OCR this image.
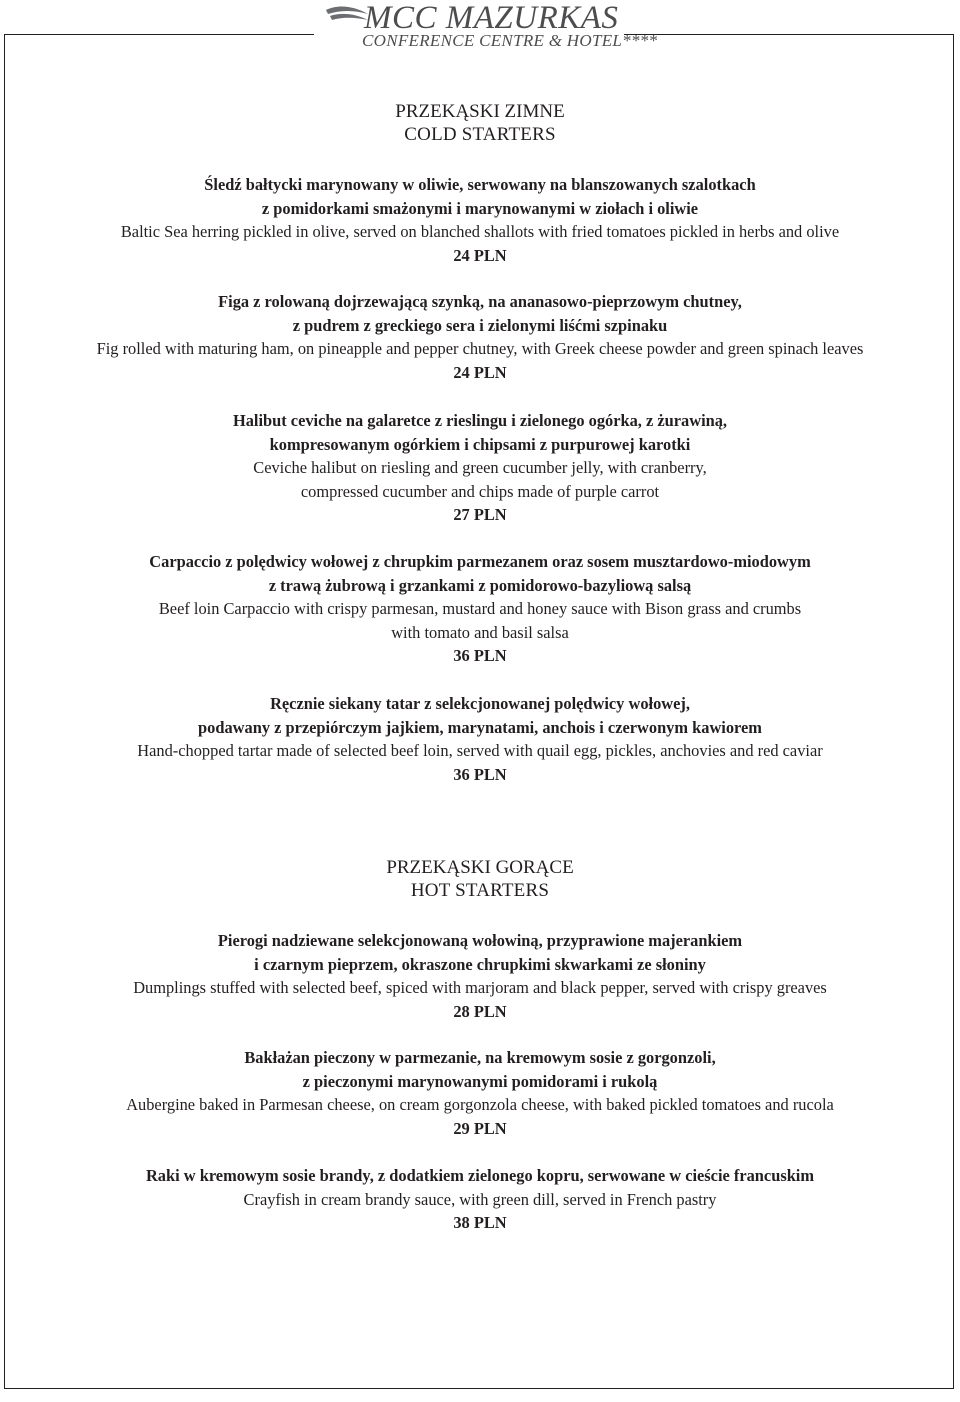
MCC MAZURKAS
CONFERENCE CENTRE & HOTEL****
PRZEKĄSKI ZIMNE
COLD STARTERS
Śledź bałtycki marynowany w oliwie, serwowany na blanszowanych szalotkach
z pomidorkami smażonymi i marynowanymi w ziołach i oliwie
Baltic Sea herring pickled in olive, served on blanched shallots with fried tomatoes pickled in herbs and olive
24 PLN
Figa z rolowaną dojrzewającą szynką, na ananasowo-pieprzowym chutney,
z pudrem z greckiego sera i zielonymi liśćmi szpinaku
Fig rolled with maturing ham, on pineapple and pepper chutney, with Greek cheese powder and green spinach leaves
24 PLN
Halibut ceviche na galaretce z rieslingu i zielonego ogórka, z żurawiną,
kompresowanym ogórkiem i chipsami z purpurowej karotki
Ceviche halibut on riesling and green cucumber jelly, with cranberry,
compressed cucumber and chips made of purple carrot
27 PLN
Carpaccio z polędwicy wołowej z chrupkim parmezanem oraz sosem musztardowo-miodowym
z trawą żubrową i grzankami z pomidorowo-bazyliową salsą
Beef loin Carpaccio with crispy parmesan, mustard and honey sauce with Bison grass and crumbs
with tomato and basil salsa
36 PLN
Ręcznie siekany tatar z selekcjonowanej polędwicy wołowej,
podawany z przepiórczym jajkiem, marynatami, anchois i czerwonym kawiorem
Hand-chopped tartar made of selected beef loin, served with quail egg, pickles, anchovies and red caviar
36 PLN
PRZEKĄSKI GORĄCE
HOT STARTERS
Pierogi nadziewane selekcjonowaną wołowiną, przyprawione majerankiem
i czarnym pieprzem, okraszone chrupkimi skwarkami ze słoniny
Dumplings stuffed with selected beef, spiced with marjoram and black pepper, served with crispy greaves
28 PLN
Bakłażan pieczony w parmezanie, na kremowym sosie z gorgonzoli,
z pieczonymi marynowanymi pomidorami i rukolą
Aubergine baked in Parmesan cheese, on cream gorgonzola cheese, with baked pickled tomatoes and rucola
29 PLN
Raki w kremowym sosie brandy, z dodatkiem zielonego kopru, serwowane w cieście francuskim
Crayfish in cream brandy sauce, with green dill, served in French pastry
38 PLN
